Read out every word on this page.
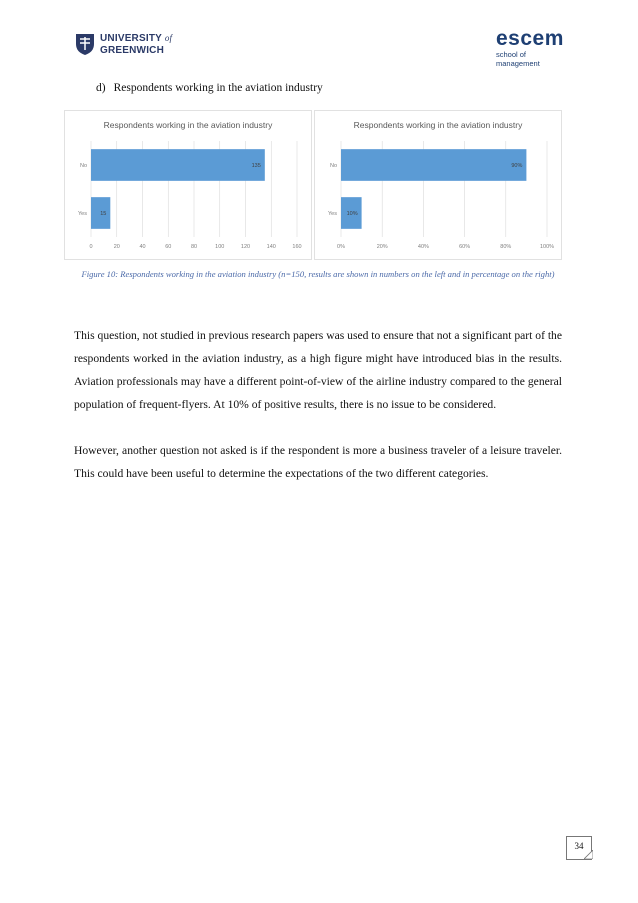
UNIVERSITY of
GREENWICH
escem
school of management
d) Respondents working in the aviation industry
Respondents working in the aviation industry
0	20	40	60	80	100	120	140	160
No	135
Yes 15
Respondents working in the aviation industry
0%	20%	40%	60%	80%	100%
No	90%
Yes 10%
Figure 10: Respondents working in the aviation industry (n=150, results are shown in numbers on the left and in percentage on the right)

This question, not studied in previous research papers was used to ensure that not a significant part of the respondents worked in the aviation industry, as a high figure might have introduced bias in the results. Aviation professionals may have a different point-of-view of the airline industry compared to the general population of frequent-flyers. At 10% of positive results, there is no issue to be considered.

However, another question not asked is if the respondent is more a business traveler of a leisure traveler. This could have been useful to determine the expectations of the two different categories.

34
